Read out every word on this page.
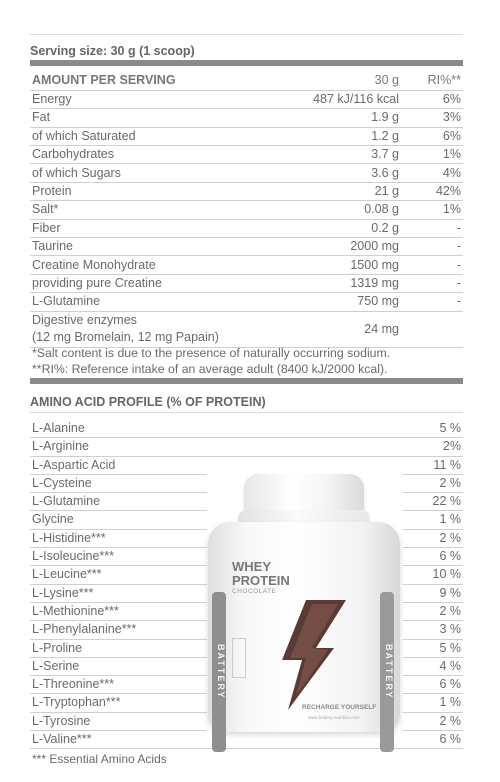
Serving size: 30 g (1 scoop)
AMOUNT PER SERVING	30 g	RI%**
Energy	487 kJ/116 kcal	6%
Fat	1.9 g	3%
of which Saturated	1.2 g	6%
Carbohydrates	3.7 g	1%
of which Sugars	3.6 g	4%
Protein	21 g	42%
Salt*	0.08 g	1%
Fiber	0.2 g	-
Taurine	2000 mg	-
Creatine Monohydrate	1500 mg	-
providing pure Creatine	1319 mg	-
L-Glutamine	750 mg	-

Digestive enzymes
(12 mg Bromelain, 12 mg Papain)	24 mg	
*Salt content is due to the presence of naturally occurring sodium.
**RI%: Reference intake of an average adult (8400 kJ/2000 kcal).
AMINO ACID PROFILE (% OF PROTEIN)
L-Alanine	5 %
L-Arginine	2%
L-Aspartic Acid	11 %
L-Cysteine	2 %
L-Glutamine	22 %
Glycine	1 %
L-Histidine***	2 %
L-Isoleucine***	6 %
L-Leucine***	10 %
L-Lysine***	9 %
L-Methionine***	2 %
L-Phenylalanine***	3 %
L-Proline	5 %
L-Serine	4 %
L-Threonine***	6 %
L-Tryptophan***	1 %
L-Tyrosine	2 %
L-Valine***	6 %
*** Essential Amino Acids
BATTERY	BATTERY
WHEY
PROTEIN
CHOCOLATE
RECHARGE YOURSELF
www.battery-nutrition.com
